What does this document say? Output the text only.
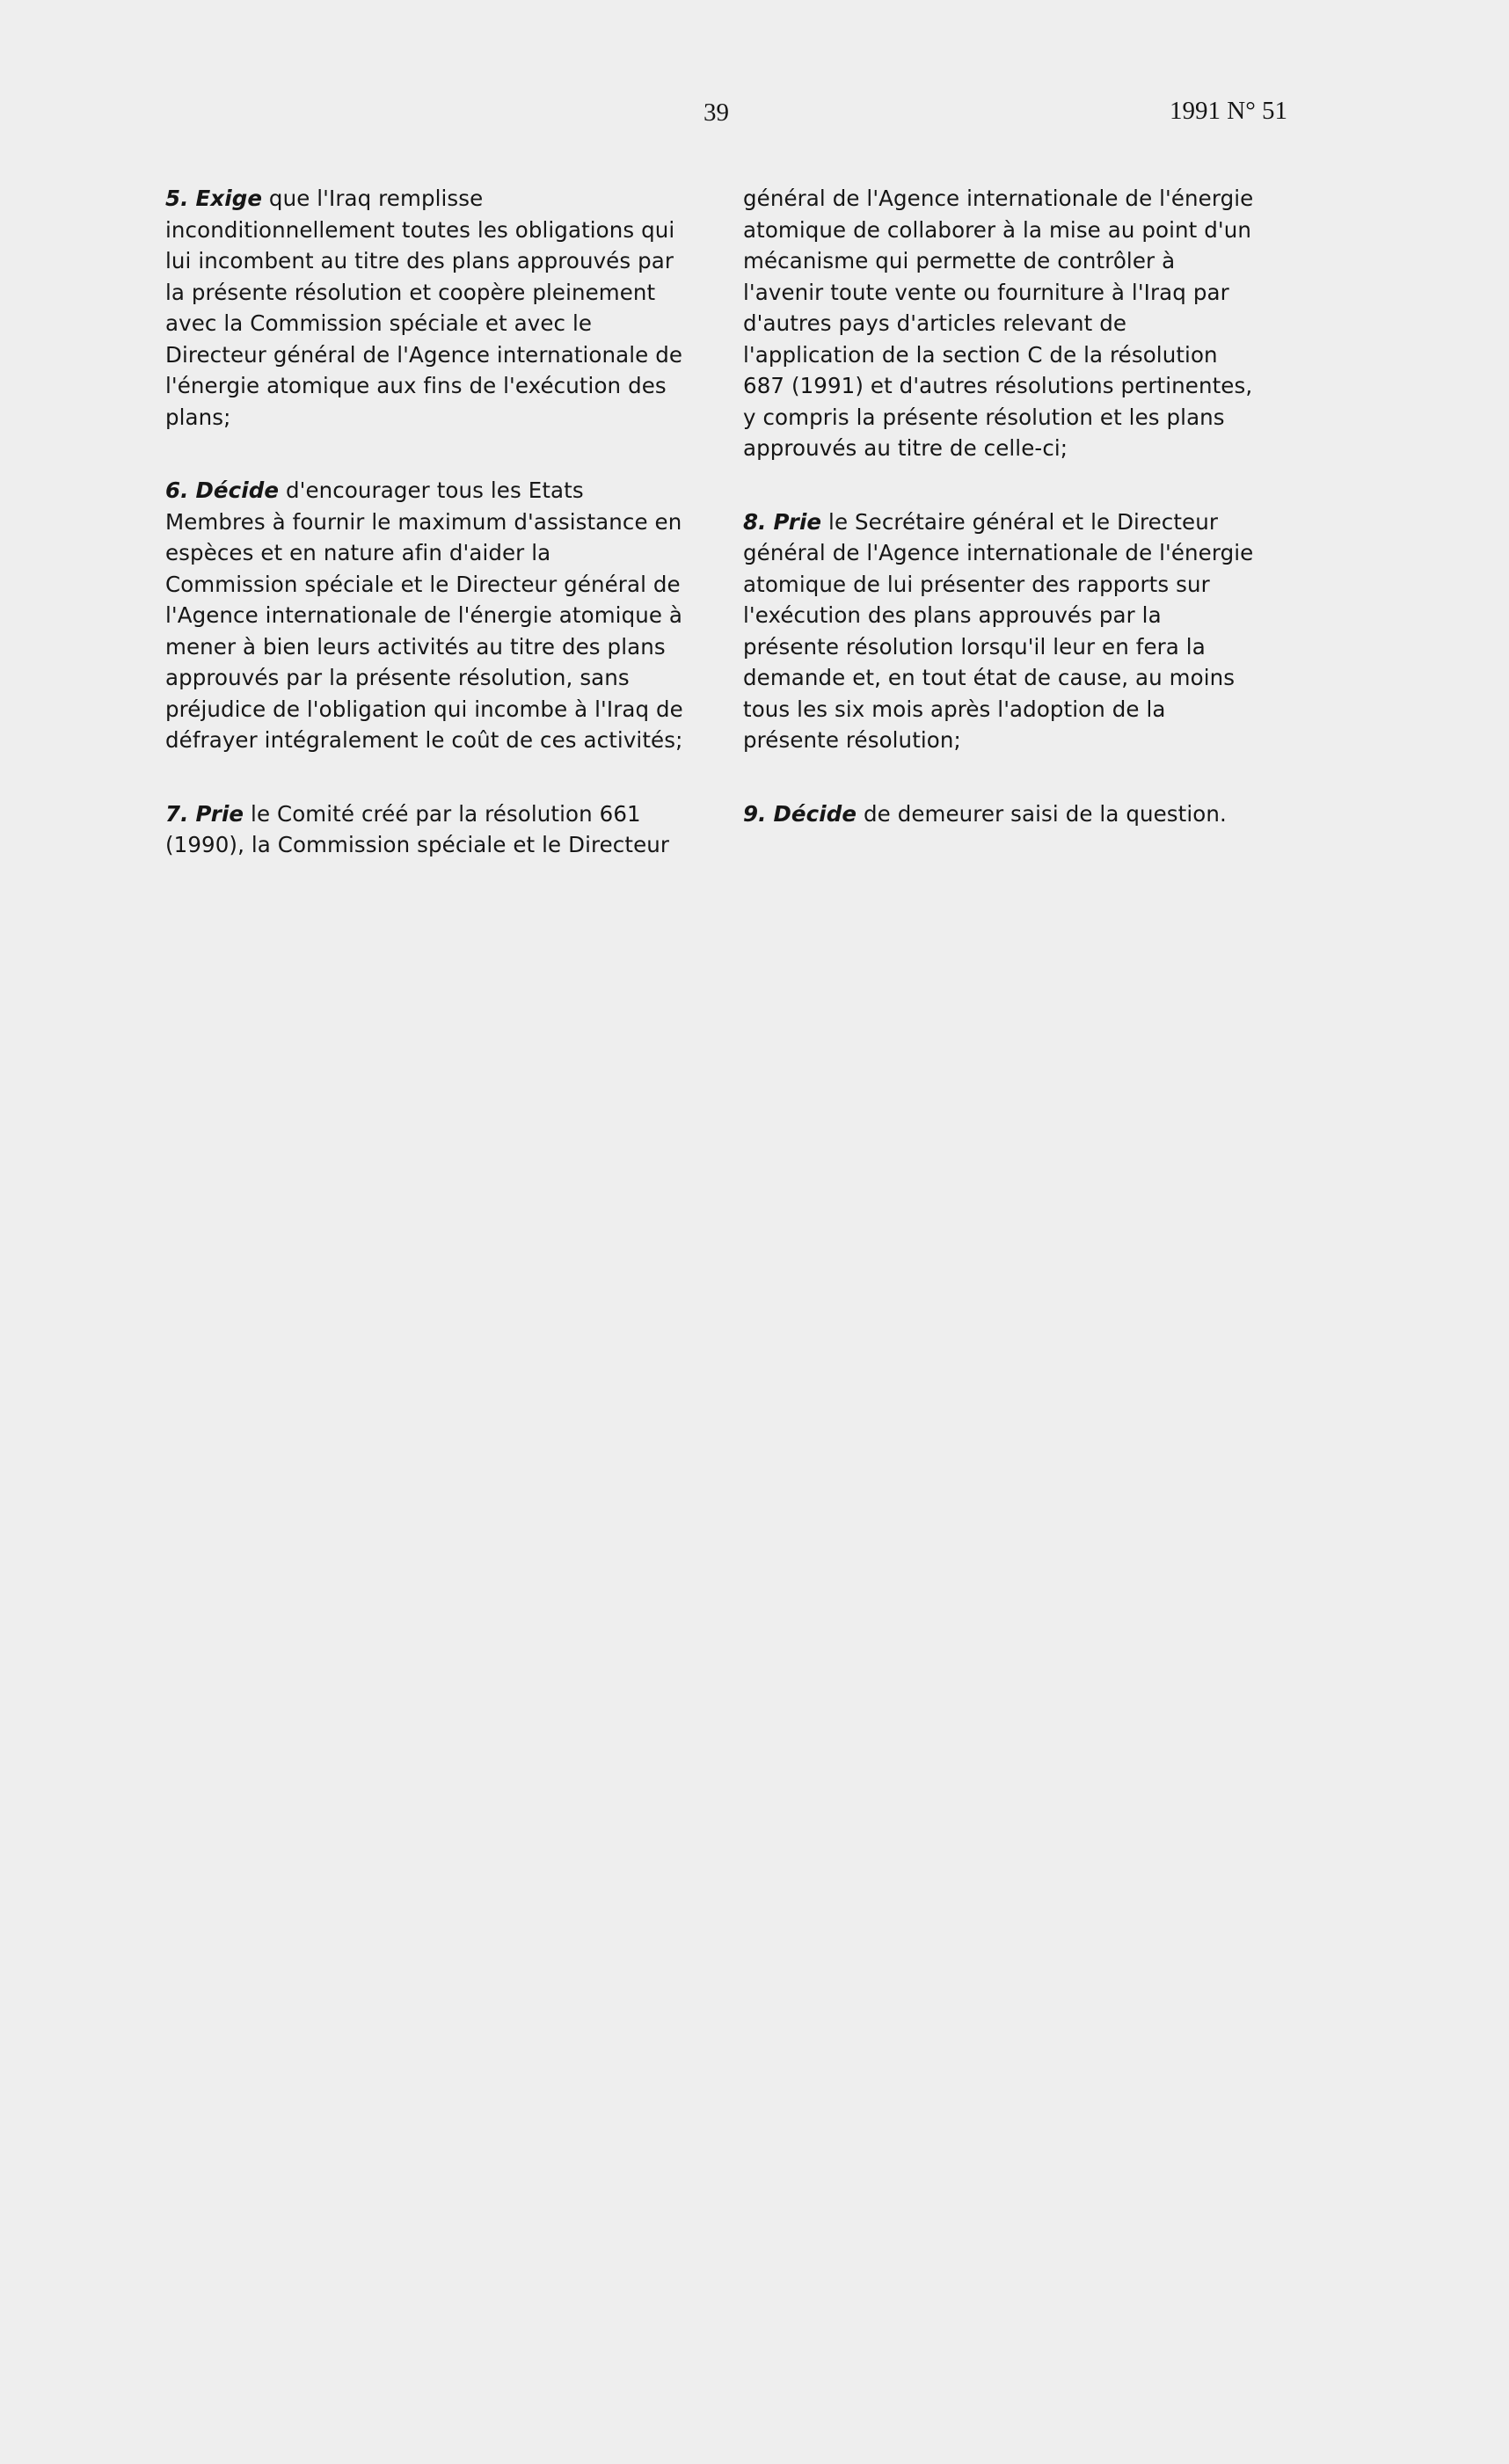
39	1991 N° 51

5. Exige que l'Iraq remplisse inconditionnellement toutes les obligations qui lui incombent au titre des plans approuvés par la présente résolution et coopère pleinement avec la Commission spéciale et avec le Directeur général de l'Agence internationale de l'énergie atomique aux fins de l'exécution des plans;

6. Décide d'encourager tous les Etats Membres à fournir le maximum d'assistance en espèces et en nature afin d'aider la Commission spéciale et le Directeur général de l'Agence internationale de l'énergie atomique à mener à bien leurs activités au titre des plans approuvés par la présente résolution, sans préjudice de l'obligation qui incombe à l'Iraq de défrayer intégralement le coût de ces activités;

7. Prie le Comité créé par la résolution 661 (1990), la Commission spéciale et le Directeur

général de l'Agence internationale de l'énergie atomique de collaborer à la mise au point d'un mécanisme qui permette de contrôler à l'avenir toute vente ou fourniture à l'Iraq par d'autres pays d'articles relevant de l'application de la section C de la résolution 687 (1991) et d'autres résolutions pertinentes, y compris la présente résolution et les plans approuvés au titre de celle-ci;

8. Prie le Secrétaire général et le Directeur général de l'Agence internationale de l'énergie atomique de lui présenter des rapports sur l'exécution des plans approuvés par la présente résolution lorsqu'il leur en fera la demande et, en tout état de cause, au moins tous les six mois après l'adoption de la présente résolution;

9. Décide de demeurer saisi de la question.
